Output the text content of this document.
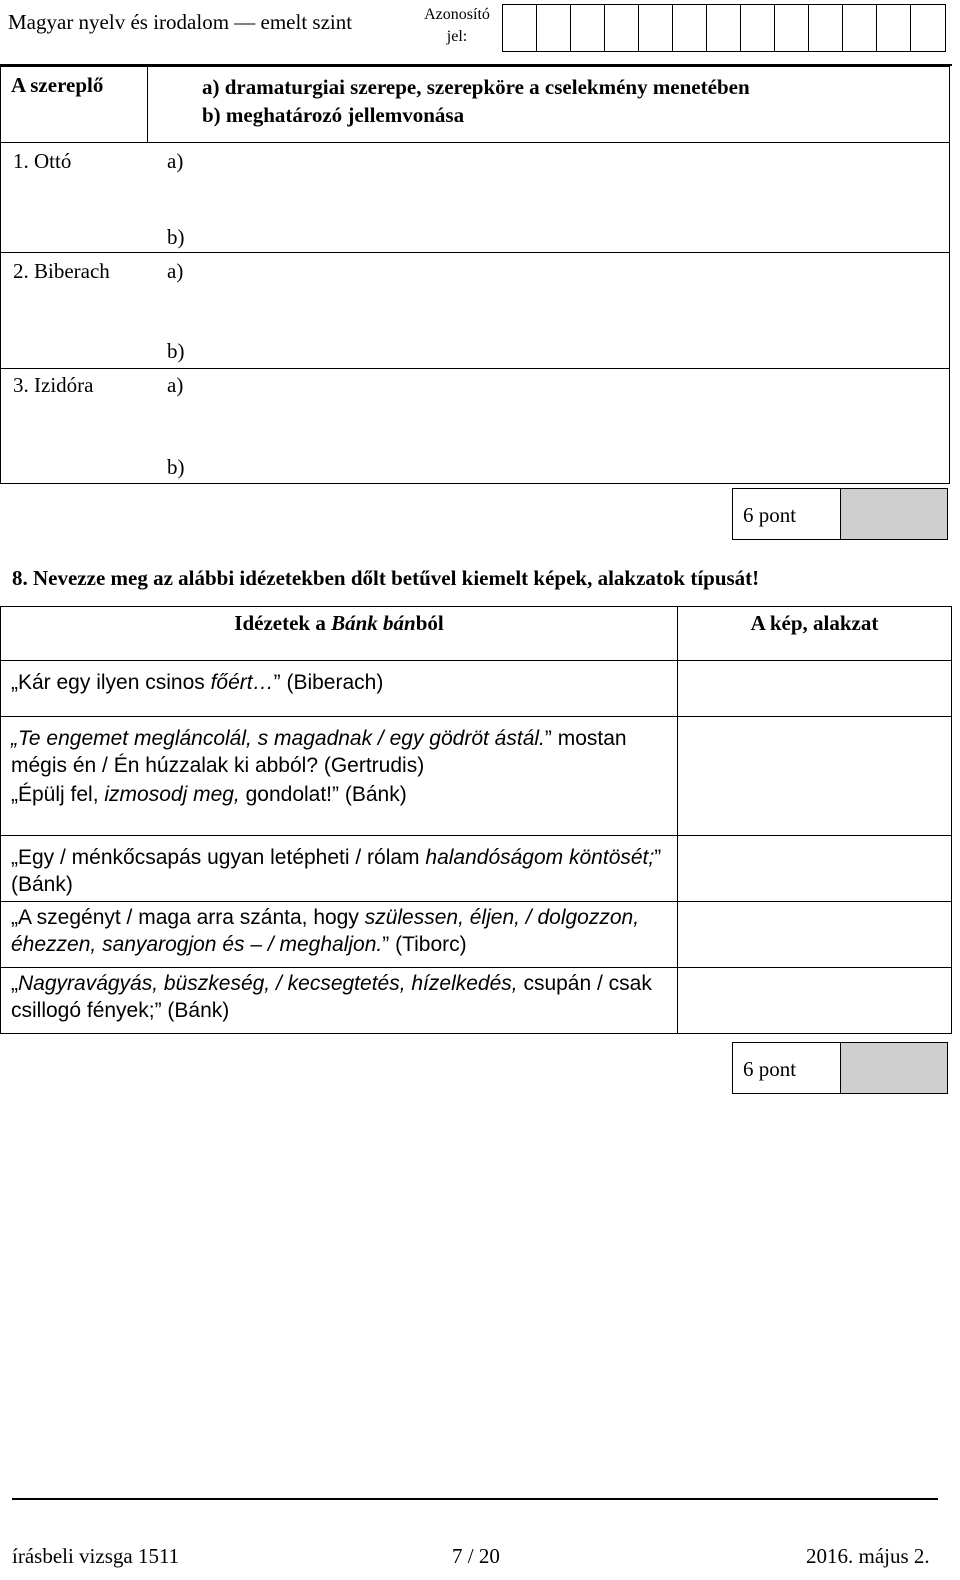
Magyar nyelv és irodalom — emelt szint	Azonosító
jel:
A szereplő	a) dramaturgiai szerepe, szerepköre a cselekmény menetében
b) meghatározó jellemvonása

1. Ottó	a)
b)

2. Biberach	a)
b)

3. Izidóra	a)
b)
6 pont
8. Nevezze meg az alábbi idézetekben dőlt betűvel kiemelt képek, alakzatok típusát!
Idézetek a Bánk bánból	A kép, alakzat
„Kár egy ilyen csinos főért…” (Biberach)	
„Te engemet megláncolál, s magadnak / egy gödröt ástál.” mostan mégis én / Én húzzalak ki abból? (Gertrudis)	
„Épülj fel, izmosodj meg, gondolat!” (Bánk)	
„Egy / ménkőcsapás ugyan letépheti / rólam halandóságom köntösét;” (Bánk)	
„A szegényt / maga arra szánta, hogy szülessen, éljen, / dolgozzon, éhezzen, sanyarogjon és – / meghaljon.” (Tiborc)	
„Nagyravágyás, büszkeség, / kecsegtetés, hízelkedés, csupán / csak csillogó fények;” (Bánk)	
6 pont
írásbeli vizsga 1511	7 / 20	2016. május 2.
